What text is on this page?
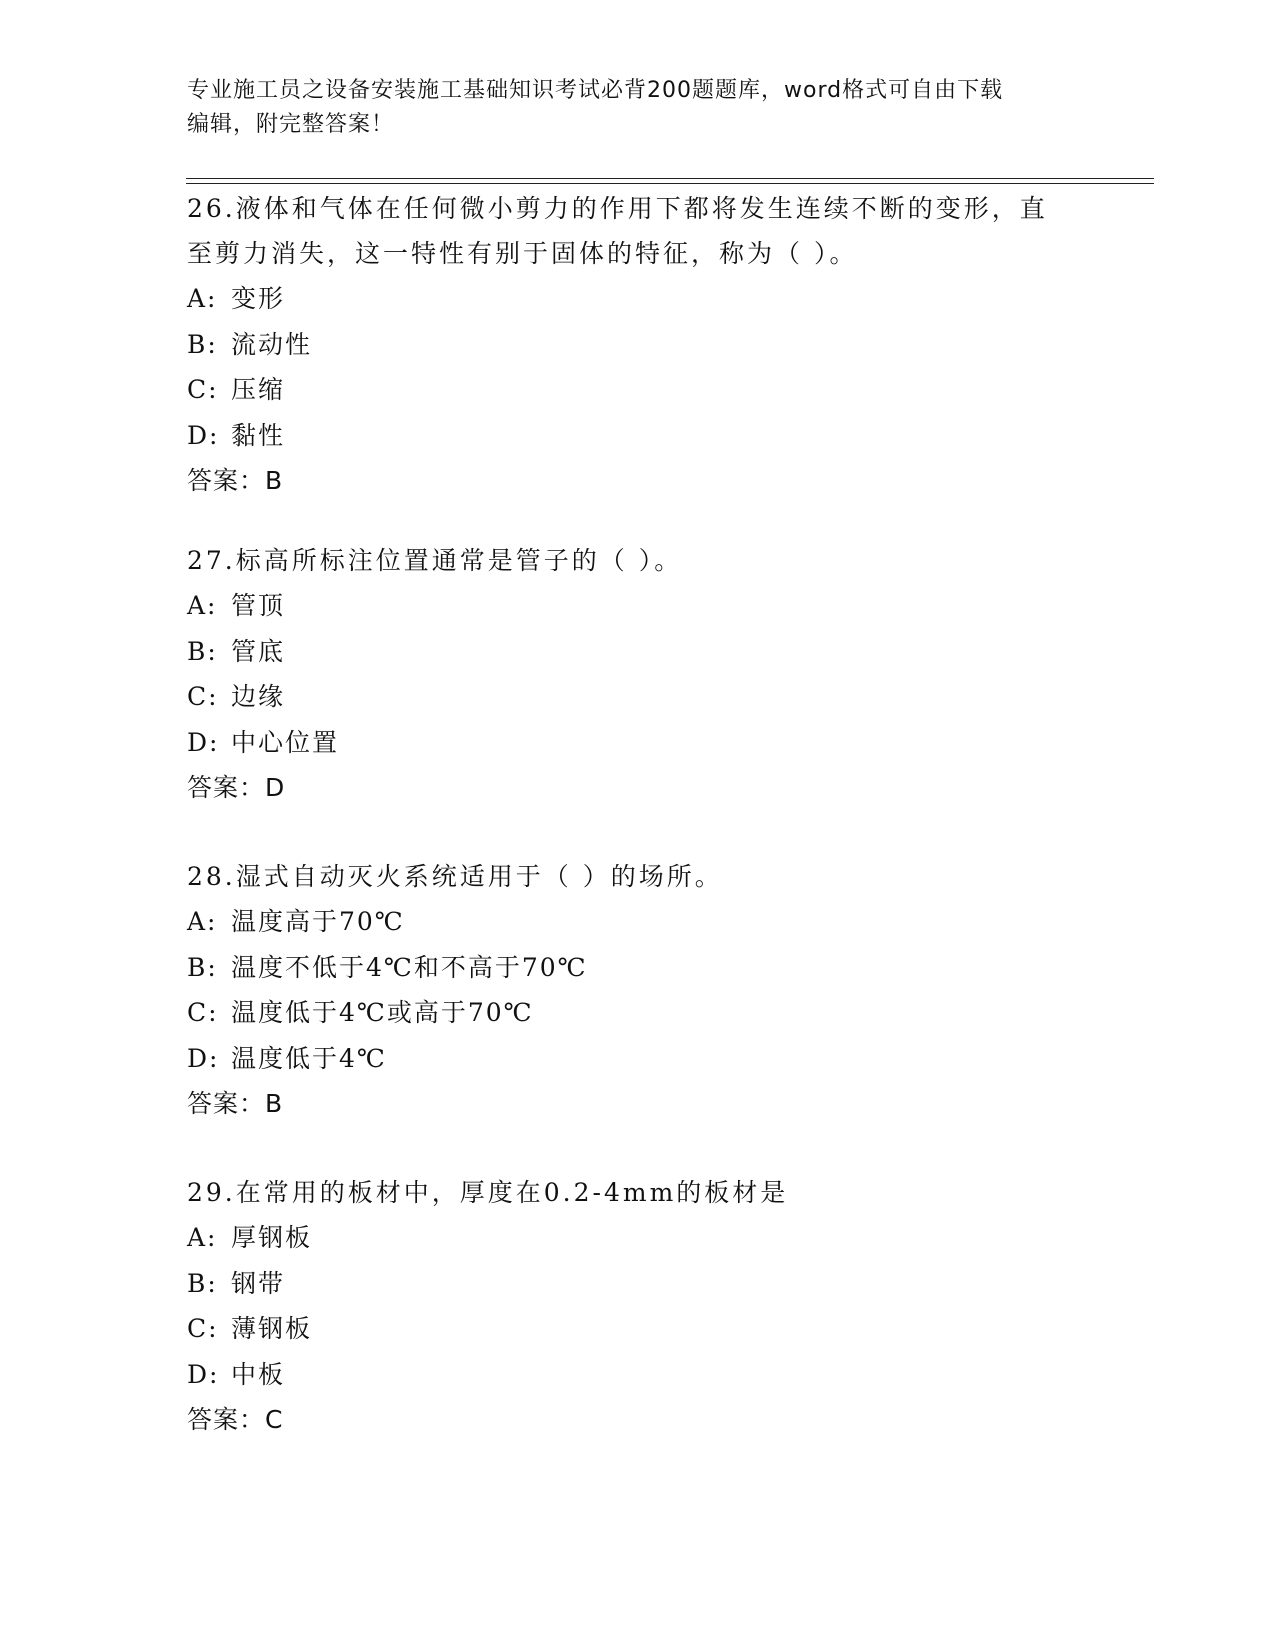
专业施工员之设备安装施工基础知识考试必背200题题库，word格式可自由下载
编辑，附完整答案！
26.液体和气体在任何微小剪力的作用下都将发生连续不断的变形，直
至剪力消失，这一特性有别于固体的特征，称为（ ）。
A: 变形
B: 流动性
C: 压缩
D: 黏性
答案：B
27.标高所标注位置通常是管子的（ ）。
A: 管顶
B: 管底
C: 边缘
D: 中心位置
答案：D
28.湿式自动灭火系统适用于（ ）的场所。
A: 温度高于70℃
B: 温度不低于4℃和不高于70℃
C: 温度低于4℃或高于70℃
D: 温度低于4℃
答案：B
29.在常用的板材中，厚度在0.2-4mm的板材是
A: 厚钢板
B: 钢带
C: 薄钢板
D: 中板
答案：C
